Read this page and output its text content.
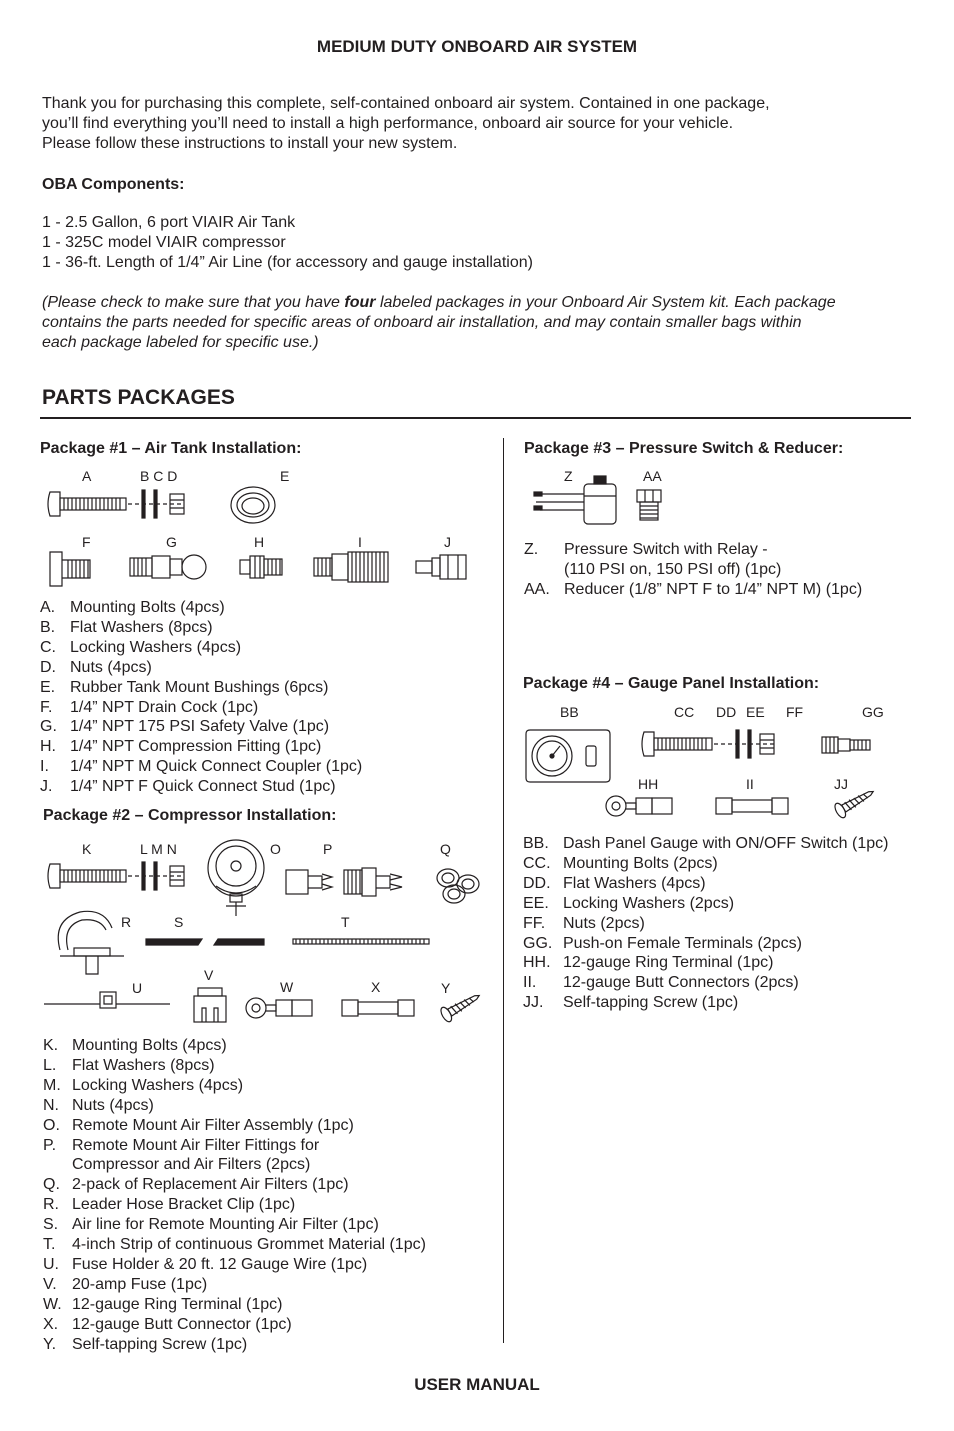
MEDIUM DUTY ONBOARD AIR SYSTEM
Thank you for purchasing this complete, self-contained onboard air system. Contained in one package,
you’ll find everything you’ll need to install a high performance, onboard air source for your vehicle.
Please follow these instructions to install your new system.
OBA Components:
1 - 2.5 Gallon, 6 port VIAIR Air Tank
1 - 325C model VIAIR compressor
1 - 36-ft. Length of 1/4” Air Line (for accessory and gauge installation)
(Please check to make sure that you have four labeled packages in your Onboard Air System kit. Each package
contains the parts needed for specific areas of onboard air installation, and may contain smaller bags within
each package labeled for specific use.)
PARTS PACKAGES
Package #1 – Air Tank Installation:
A	B C D	E
F	G	H	I	J
A. Mounting Bolts (4pcs)
B. Flat Washers (8pcs)
C. Locking Washers (4pcs)
D. Nuts (4pcs)
E. Rubber Tank Mount Bushings (6pcs)
F.	1/4” NPT Drain Cock (1pc)
G. 1/4” NPT 175 PSI Safety Valve (1pc)
H. 1/4” NPT Compression Fitting (1pc)
I.	1/4” NPT M Quick Connect Coupler (1pc)
J.	1/4” NPT F Quick Connect Stud (1pc)
Package #2 – Compressor Installation:
K	L M N	O	P	Q
R	S	T
V
U	W	X	Y
K. Mounting Bolts (4pcs)
L. Flat Washers (8pcs)
M. Locking Washers (4pcs)
N. Nuts (4pcs)
O. Remote Mount Air Filter Assembly (1pc)
P. Remote Mount Air Filter Fittings for
Compressor and Air Filters (2pcs)
Q. 2-pack of Replacement Air Filters (1pc)
R. Leader Hose Bracket Clip (1pc)
S. Air line for Remote Mounting Air Filter (1pc)
T.	4-inch Strip of continuous Grommet Material (1pc)
U. Fuse Holder & 20 ft. 12 Gauge Wire (1pc)
V. 20-amp Fuse (1pc)
W. 12-gauge Ring Terminal (1pc)
X. 12-gauge Butt Connector (1pc)
Y. Self-tapping Screw (1pc)
Package #3 – Pressure Switch & Reducer:
Z	AA
Z.	Pressure Switch with Relay -
(110 PSI on, 150 PSI off) (1pc)
AA. Reducer (1/8” NPT F to 1/4” NPT M) (1pc)
Package #4 – Gauge Panel Installation:
BB	CC DD EE FF	GG
HH	II	JJ
BB. Dash Panel Gauge with ON/OFF Switch (1pc)
CC. Mounting Bolts (2pcs)
DD. Flat Washers (4pcs)
EE. Locking Washers (2pcs)
FF.	Nuts (2pcs)
GG. Push-on Female Terminals (2pcs)
HH. 12-gauge Ring Terminal (1pc)
II.	12-gauge Butt Connectors (2pcs)
JJ.	Self-tapping Screw (1pc)
USER MANUAL
